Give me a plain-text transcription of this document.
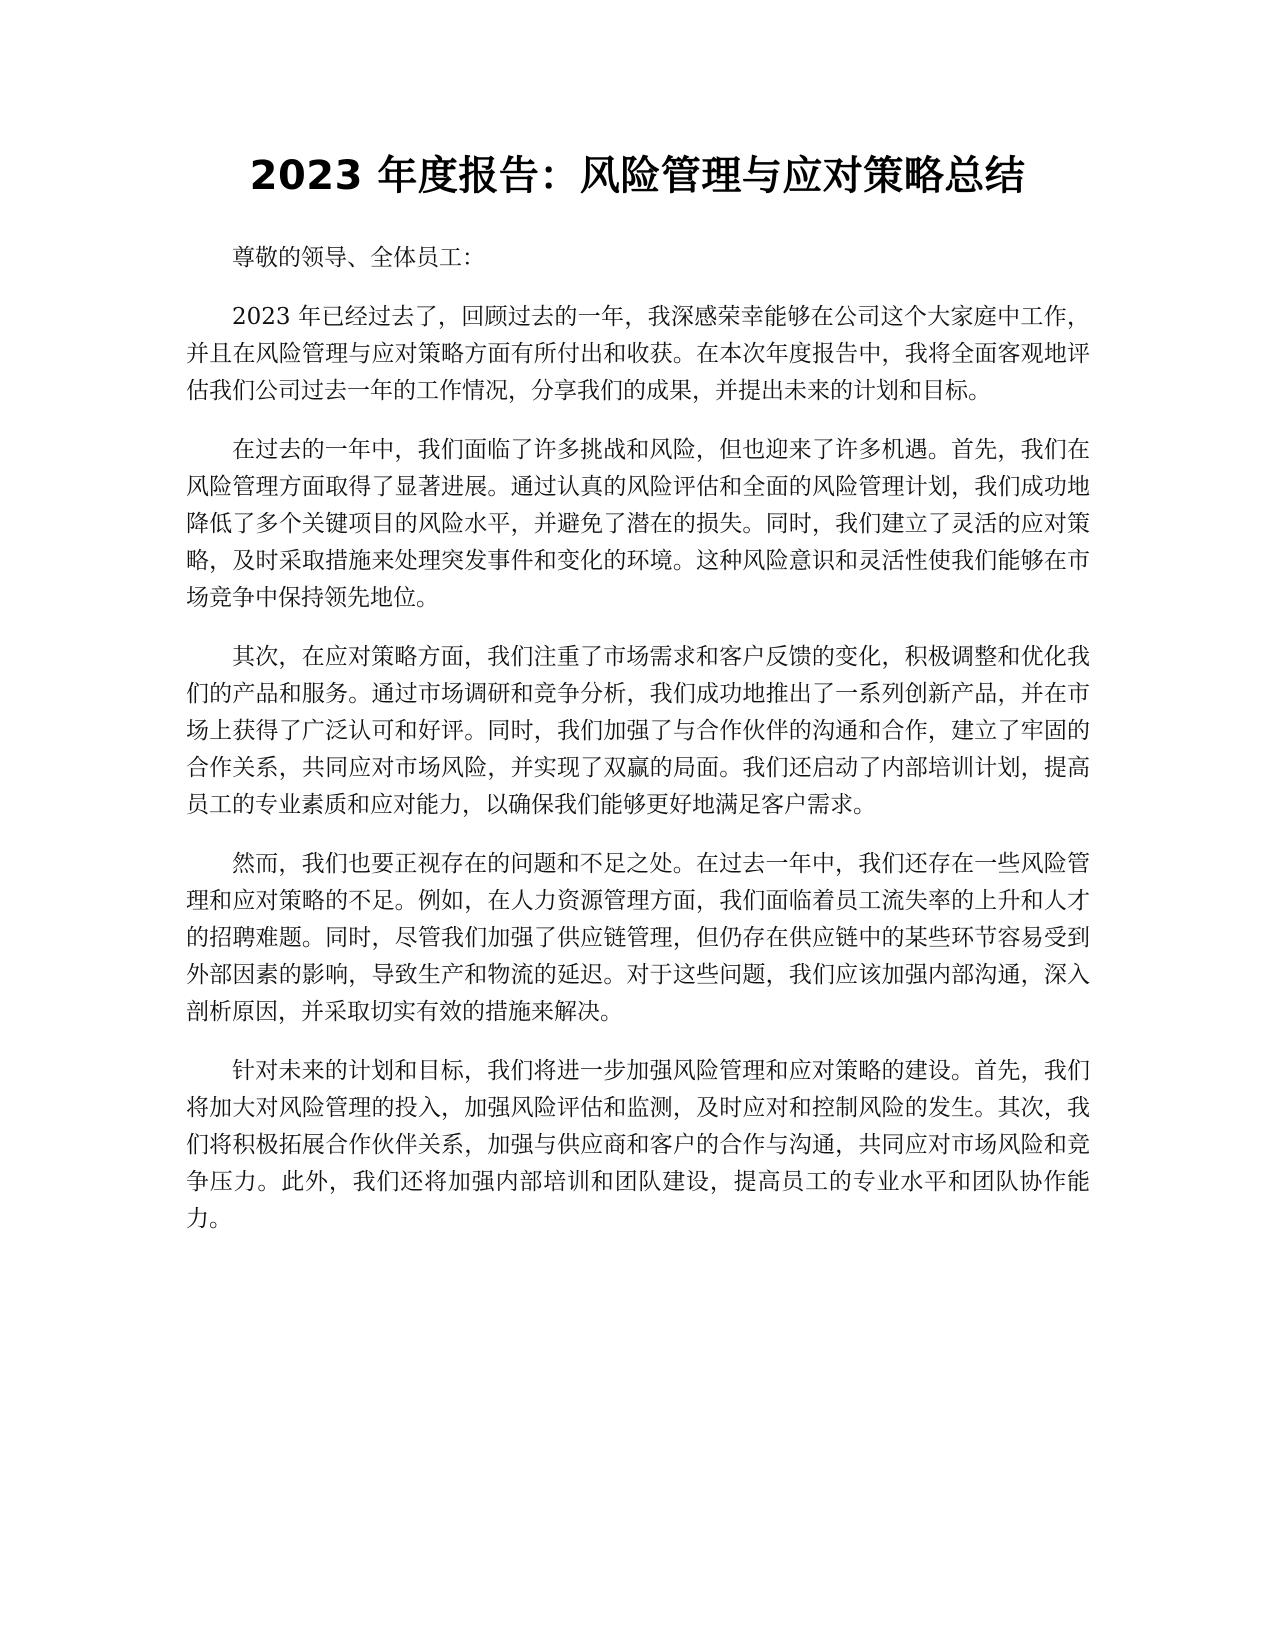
2023 年度报告：风险管理与应对策略总结

尊敬的领导、全体员工：

2023 年已经过去了，回顾过去的一年，我深感荣幸能够在公司这个大家庭中工作，并且在风险管理与应对策略方面有所付出和收获。在本次年度报告中，我将全面客观地评估我们公司过去一年的工作情况，分享我们的成果，并提出未来的计划和目标。

在过去的一年中，我们面临了许多挑战和风险，但也迎来了许多机遇。首先，我们在风险管理方面取得了显著进展。通过认真的风险评估和全面的风险管理计划，我们成功地降低了多个关键项目的风险水平，并避免了潜在的损失。同时，我们建立了灵活的应对策略，及时采取措施来处理突发事件和变化的环境。这种风险意识和灵活性使我们能够在市场竞争中保持领先地位。

其次，在应对策略方面，我们注重了市场需求和客户反馈的变化，积极调整和优化我们的产品和服务。通过市场调研和竞争分析，我们成功地推出了一系列创新产品，并在市场上获得了广泛认可和好评。同时，我们加强了与合作伙伴的沟通和合作，建立了牢固的合作关系，共同应对市场风险，并实现了双赢的局面。我们还启动了内部培训计划，提高员工的专业素质和应对能力，以确保我们能够更好地满足客户需求。

然而，我们也要正视存在的问题和不足之处。在过去一年中，我们还存在一些风险管理和应对策略的不足。例如，在人力资源管理方面，我们面临着员工流失率的上升和人才的招聘难题。同时，尽管我们加强了供应链管理，但仍存在供应链中的某些环节容易受到外部因素的影响，导致生产和物流的延迟。对于这些问题，我们应该加强内部沟通，深入剖析原因，并采取切实有效的措施来解决。

针对未来的计划和目标，我们将进一步加强风险管理和应对策略的建设。首先，我们将加大对风险管理的投入，加强风险评估和监测，及时应对和控制风险的发生。其次，我们将积极拓展合作伙伴关系，加强与供应商和客户的合作与沟通，共同应对市场风险和竞争压力。此外，我们还将加强内部培训和团队建设，提高员工的专业水平和团队协作能力。
